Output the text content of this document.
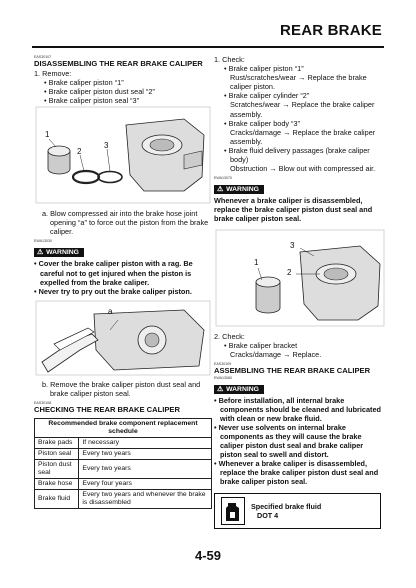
REAR BRAKE
EAS30107
DISASSEMBLING THE REAR BRAKE CALIPER
1. Remove:
• Brake caliper piston “1”
• Brake caliper piston dust seal “2”
• Brake caliper piston seal “3”
1
2
3
a. Blow compressed air into the brake hose joint opening “a” to force out the piston from the brake caliper.
EWA13030
⚠ WARNING
• Cover the brake caliper piston with a rag. Be careful not to get injured when the piston is expelled from the brake caliper.
• Never try to pry out the brake caliper piston.
a
b. Remove the brake caliper piston dust seal and brake caliper piston seal.
EAS30108
CHECKING THE REAR BRAKE CALIPER
Recommended brake component replacement schedule	
Brake pads	If necessary
Piston seal	Every two years
Piston dust seal	Every two years
Brake hose	Every four years
Brake fluid	Every two years and whenever the brake is disassembled
1. Check:
• Brake caliper piston “1”
Rust/scratches/wear → Replace the brake caliper piston.
• Brake caliper cylinder “2”
Scratches/wear → Replace the brake caliper assembly.
• Brake caliper body “3”
Cracks/damage → Replace the brake caliper assembly.
• Brake fluid delivery passages (brake caliper body)
Obstruction → Blow out with compressed air.
EWA13070
⚠ WARNING
Whenever a brake caliper is disassembled, replace the brake caliper piston dust seal and brake caliper piston seal.
3
1
2
2. Check:
• Brake caliper bracket
Cracks/damage → Replace.
EAS30109
ASSEMBLING THE REAR BRAKE CALIPER
EWA13080
⚠ WARNING
• Before installation, all internal brake components should be cleaned and lubricated with clean or new brake fluid.
• Never use solvents on internal brake components as they will cause the brake caliper piston dust seal and brake caliper piston seal to swell and distort.
• Whenever a brake caliper is disassembled, replace the brake caliper piston dust seal and brake caliper piston seal.
Specified brake fluid
DOT 4
4-59
